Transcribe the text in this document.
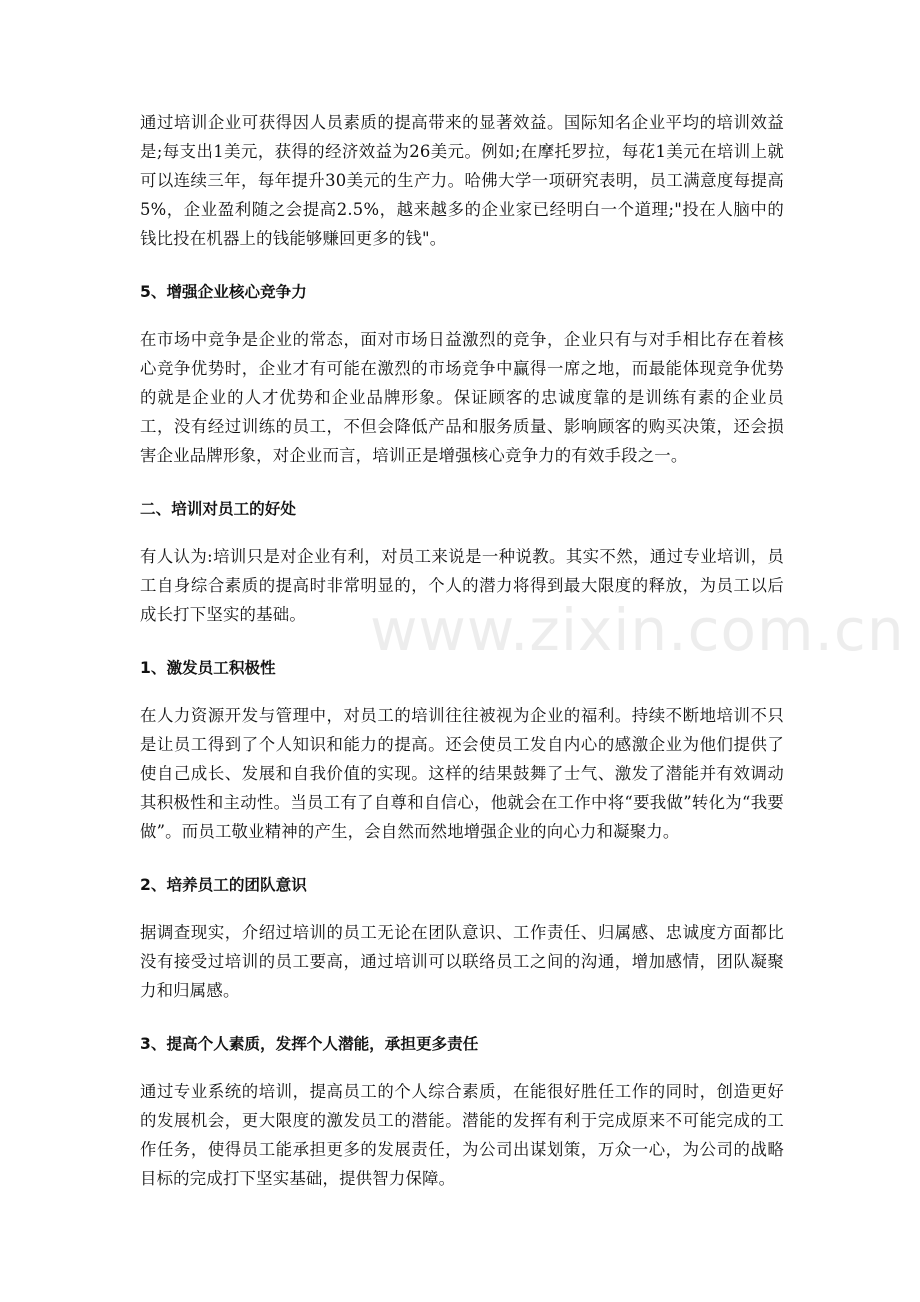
通过培训企业可获得因人员素质的提高带来的显著效益。国际知名企业平均的培训效益是;每支出1美元，获得的经济效益为26美元。例如;在摩托罗拉，每花1美元在培训上就可以连续三年，每年提升30美元的生产力。哈佛大学一项研究表明，员工满意度每提高5%，企业盈利随之会提高2.5%，越来越多的企业家已经明白一个道理;"投在人脑中的钱比投在机器上的钱能够赚回更多的钱"。

5、增强企业核心竞争力

在市场中竞争是企业的常态，面对市场日益激烈的竞争，企业只有与对手相比存在着核心竞争优势时，企业才有可能在激烈的市场竞争中赢得一席之地，而最能体现竞争优势的就是企业的人才优势和企业品牌形象。保证顾客的忠诚度靠的是训练有素的企业员工，没有经过训练的员工，不但会降低产品和服务质量、影响顾客的购买决策，还会损害企业品牌形象，对企业而言，培训正是增强核心竞争力的有效手段之一。

二、培训对员工的好处

有人认为:培训只是对企业有利，对员工来说是一种说教。其实不然，通过专业培训，员工自身综合素质的提高时非常明显的，个人的潜力将得到最大限度的释放，为员工以后成长打下坚实的基础。

1、激发员工积极性

在人力资源开发与管理中，对员工的培训往往被视为企业的福利。持续不断地培训不只是让员工得到了个人知识和能力的提高。还会使员工发自内心的感激企业为他们提供了使自己成长、发展和自我价值的实现。这样的结果鼓舞了士气、激发了潜能并有效调动其积极性和主动性。当员工有了自尊和自信心，他就会在工作中将“要我做”转化为“我要做”。而员工敬业精神的产生，会自然而然地增强企业的向心力和凝聚力。

2、培养员工的团队意识

据调查现实，介绍过培训的员工无论在团队意识、工作责任、归属感、忠诚度方面都比没有接受过培训的员工要高，通过培训可以联络员工之间的沟通，增加感情，团队凝聚力和归属感。

3、提高个人素质，发挥个人潜能，承担更多责任

通过专业系统的培训，提高员工的个人综合素质，在能很好胜任工作的同时，创造更好的发展机会，更大限度的激发员工的潜能。潜能的发挥有利于完成原来不可能完成的工作任务，使得员工能承担更多的发展责任，为公司出谋划策，万众一心，为公司的战略目标的完成打下坚实基础，提供智力保障。

www.zixin.com.cn
